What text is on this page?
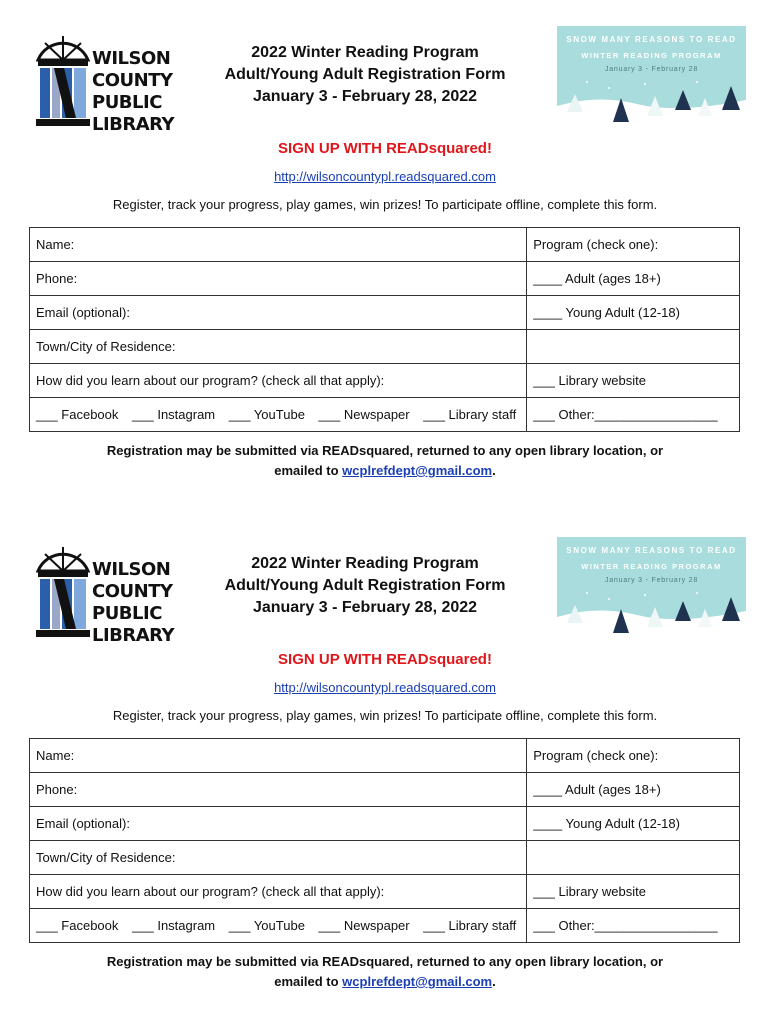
WILSON
COUNTY
PUBLIC
LIBRARY
2022 Winter Reading Program
Adult/Young Adult Registration Form
January 3 - February 28, 2022
SNOW MANY REASONS TO READ
WINTER READING PROGRAM
January 3 - February 28
SIGN UP WITH READsquared!
http://wilsoncountypl.readsquared.com
Register, track your progress, play games, win prizes! To participate offline, complete this form.
Name:	Program (check one):
Phone:	____ Adult (ages 18+)
Email (optional):	____ Young Adult (12-18)
Town/City of Residence:	
How did you learn about our program? (check all that apply):	___ Library website
___ Facebook ___ Instagram ___ YouTube ___ Newspaper ___ Library staff	___ Other:_________________
Registration may be submitted via READsquared, returned to any open library location, or
emailed to wcplrefdept@gmail.com.
WILSON
COUNTY
PUBLIC
LIBRARY
2022 Winter Reading Program
Adult/Young Adult Registration Form
January 3 - February 28, 2022
SNOW MANY REASONS TO READ
WINTER READING PROGRAM
January 3 - February 28
SIGN UP WITH READsquared!
http://wilsoncountypl.readsquared.com
Register, track your progress, play games, win prizes! To participate offline, complete this form.
Name:	Program (check one):
Phone:	____ Adult (ages 18+)
Email (optional):	____ Young Adult (12-18)
Town/City of Residence:	
How did you learn about our program? (check all that apply):	___ Library website
___ Facebook ___ Instagram ___ YouTube ___ Newspaper ___ Library staff	___ Other:_________________
Registration may be submitted via READsquared, returned to any open library location, or
emailed to wcplrefdept@gmail.com.
